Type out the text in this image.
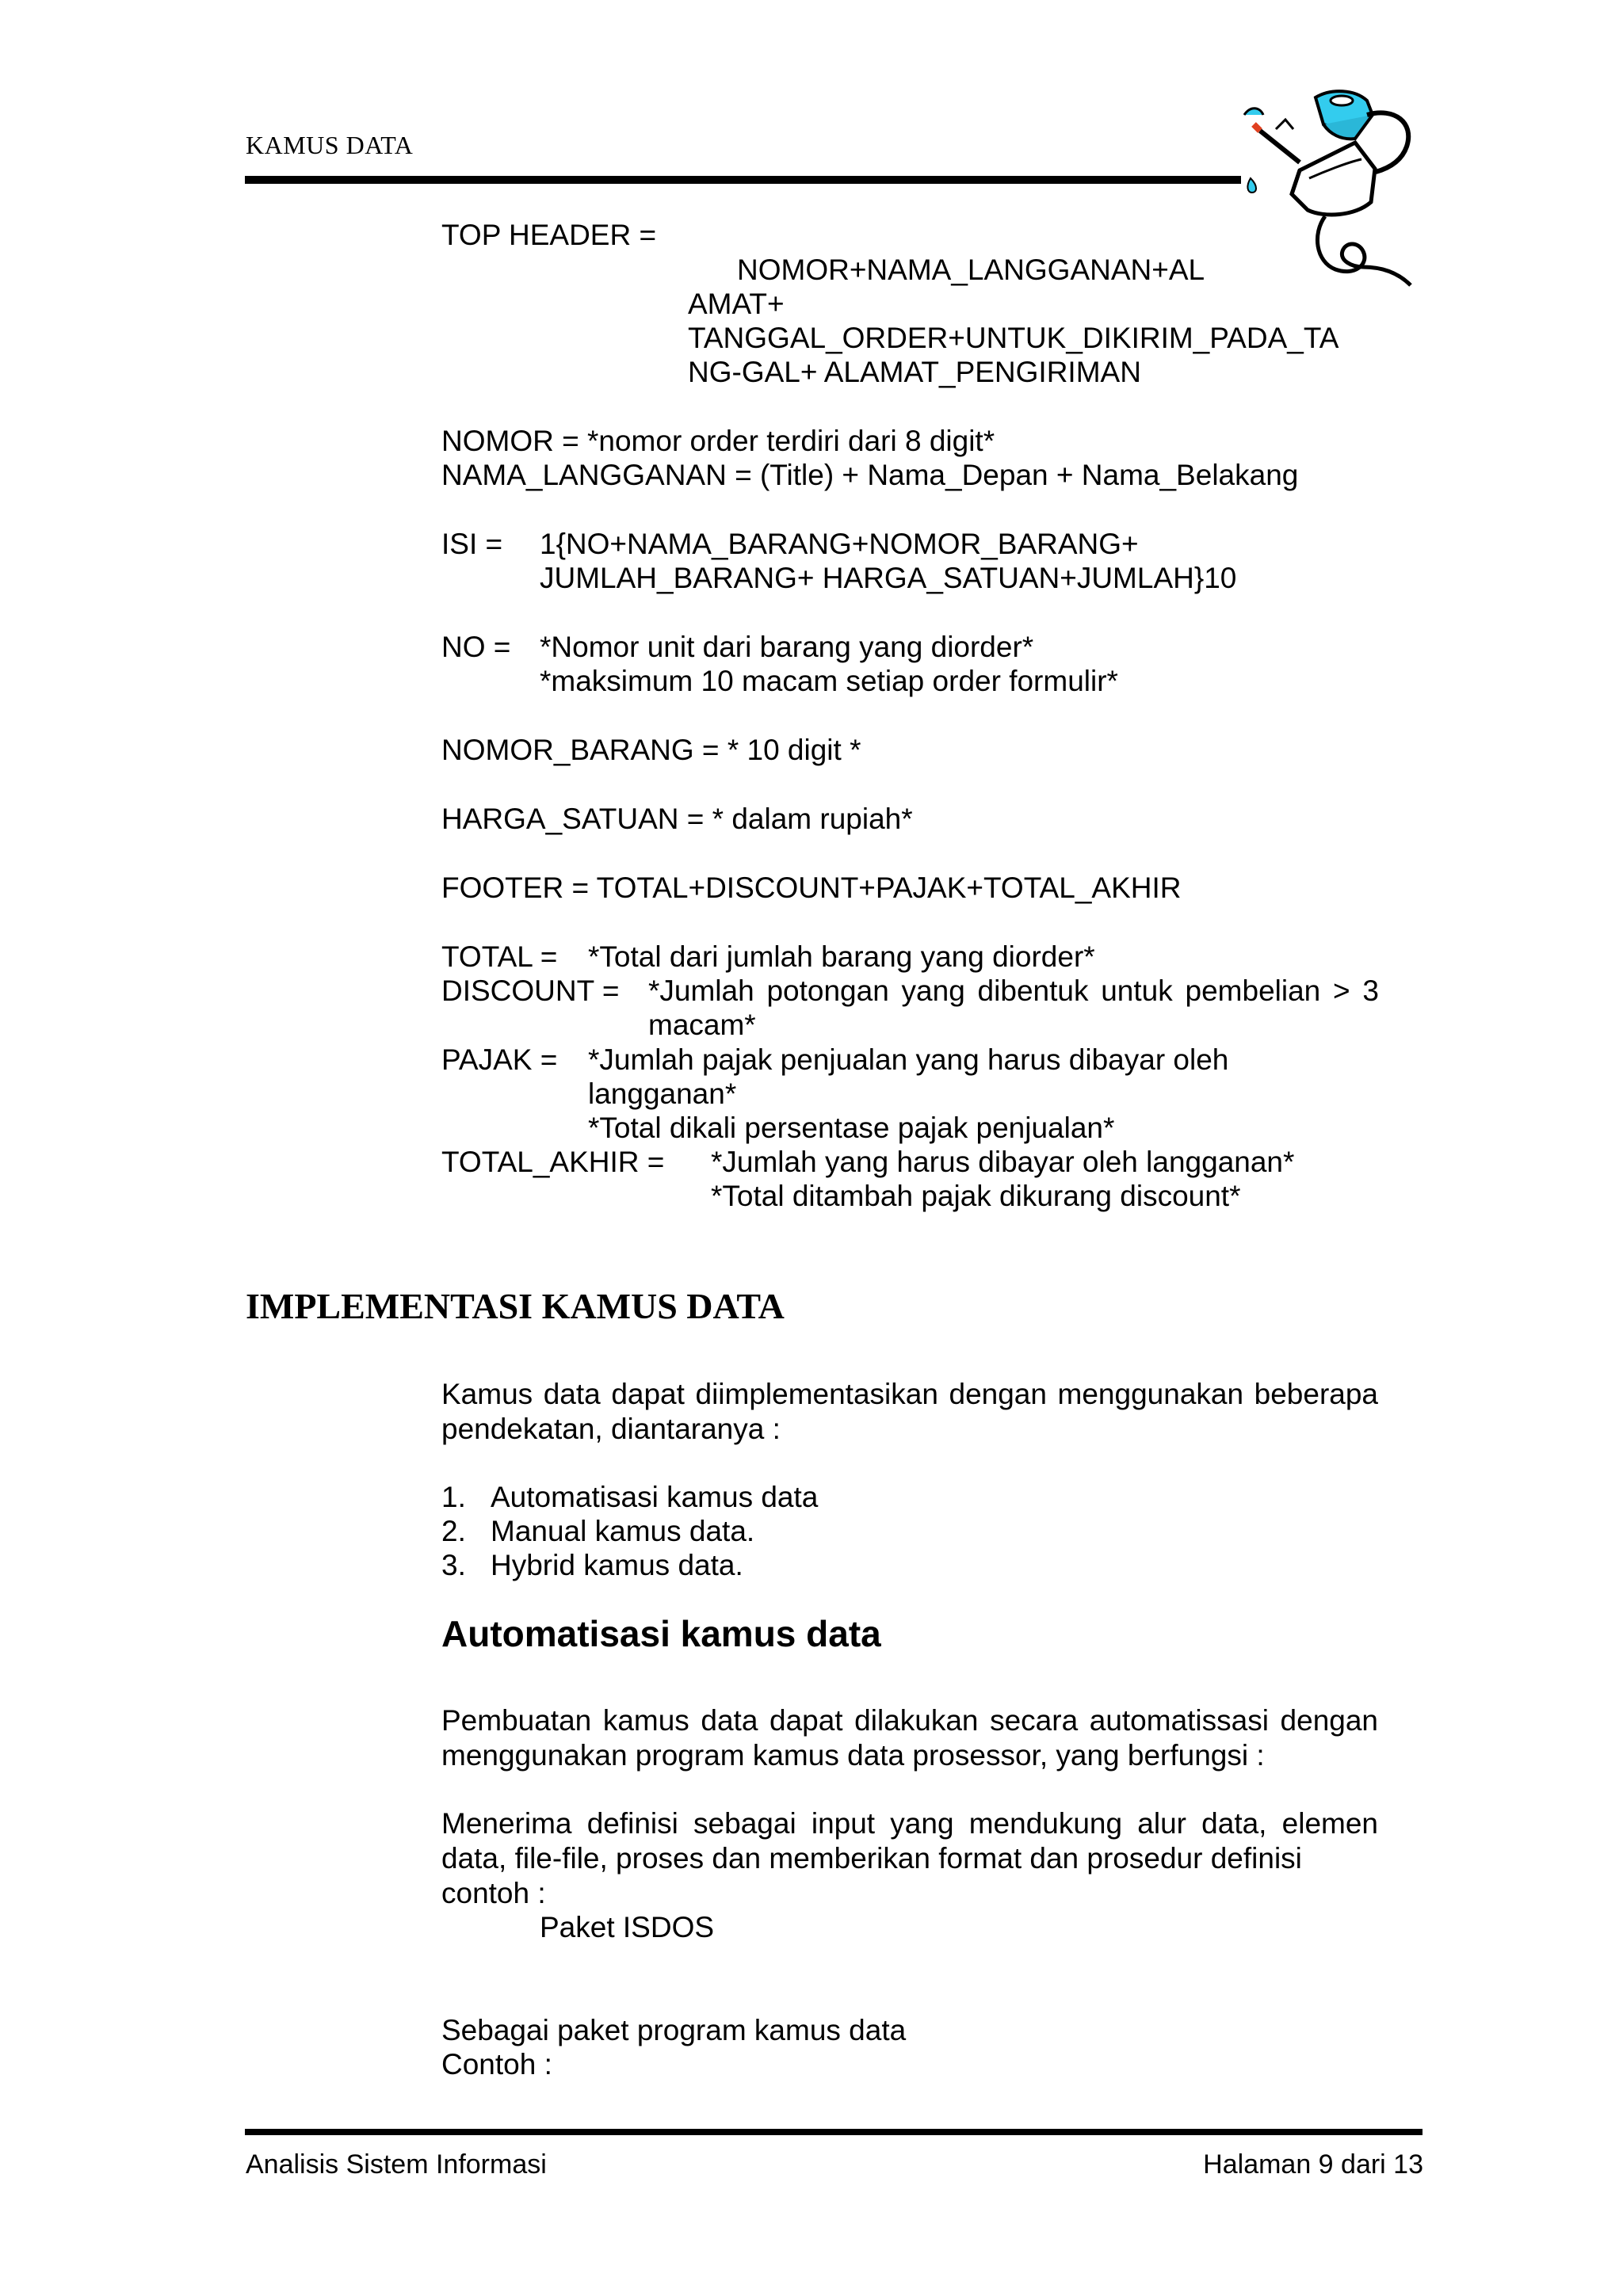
KAMUS DATA
TOP HEADER =
NOMOR+NAMA_LANGGANAN+AL
AMAT+
TANGGAL_ORDER+UNTUK_DIKIRIM_PADA_TA
NG-GAL+ ALAMAT_PENGIRIMAN
NOMOR = *nomor order terdiri dari 8 digit*
NAMA_LANGGANAN = (Title) + Nama_Depan + Nama_Belakang
ISI = 1{NO+NAMA_BARANG+NOMOR_BARANG+
JUMLAH_BARANG+ HARGA_SATUAN+JUMLAH}10
NO = *Nomor unit dari barang yang diorder*
*maksimum 10 macam setiap order formulir*
NOMOR_BARANG = * 10 digit *
HARGA_SATUAN = * dalam rupiah*
FOOTER = TOTAL+DISCOUNT+PAJAK+TOTAL_AKHIR
TOTAL = *Total dari jumlah barang yang diorder*
DISCOUNT = *Jumlah potongan yang dibentuk untuk pembelian > 3
macam*
PAJAK = *Jumlah pajak penjualan yang harus dibayar oleh
langganan*
*Total dikali persentase pajak penjualan*
TOTAL_AKHIR = *Jumlah yang harus dibayar oleh langganan*
*Total ditambah pajak dikurang discount*
IMPLEMENTASI KAMUS DATA
Kamus data dapat diimplementasikan dengan menggunakan beberapa pendekatan, diantaranya :
1. Automatisasi kamus data
2. Manual kamus data.
3. Hybrid kamus data.
Automatisasi kamus data
Pembuatan kamus data dapat dilakukan secara automatissasi dengan menggunakan program kamus data prosessor, yang berfungsi :
Menerima definisi sebagai input yang mendukung alur data, elemen data, file-file, proses dan memberikan format dan prosedur definisi
contoh :
Paket ISDOS
Sebagai paket program kamus data
Contoh :
Analisis Sistem Informasi	Halaman 9 dari 13
